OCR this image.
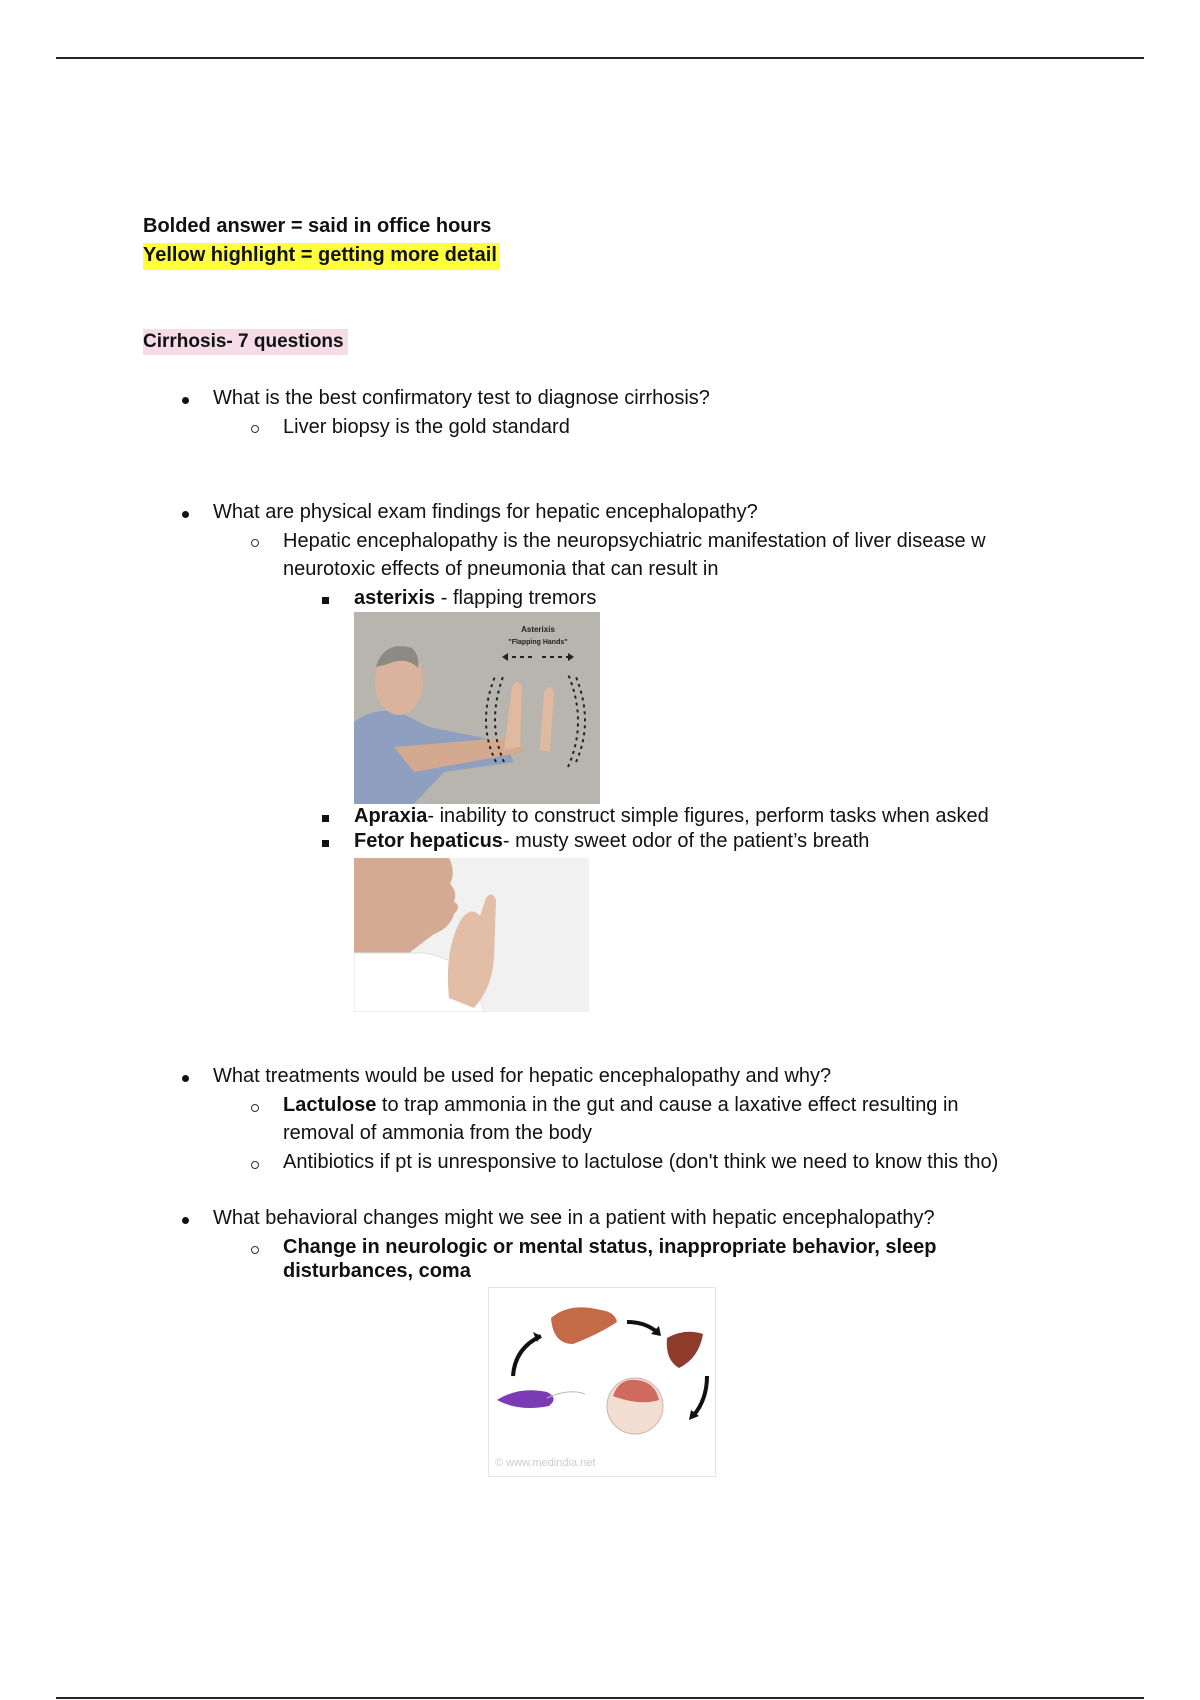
Bolded answer = said in office hours
Yellow highlight = getting more detail
Cirrhosis- 7 questions
What is the best confirmatory test to diagnose cirrhosis?
Liver biopsy is the gold standard
What are physical exam findings for hepatic encephalopathy?
Hepatic encephalopathy is the neuropsychiatric manifestation of liver disease w
neurotoxic effects of pneumonia that can result in
asterixis - flapping tremors
Asterixis
"Flapping Hands"
Apraxia- inability to construct simple figures, perform tasks when asked
Fetor hepaticus- musty sweet odor of the patient’s breath
What treatments would be used for hepatic encephalopathy and why?
Lactulose to trap ammonia in the gut and cause a laxative effect resulting in
removal of ammonia from the body
Antibiotics if pt is unresponsive to lactulose (don't think we need to know this tho)
What behavioral changes might we see in a patient with hepatic encephalopathy?
Change in neurologic or mental status, inappropriate behavior, sleep
disturbances, coma
© www.medindia.net
